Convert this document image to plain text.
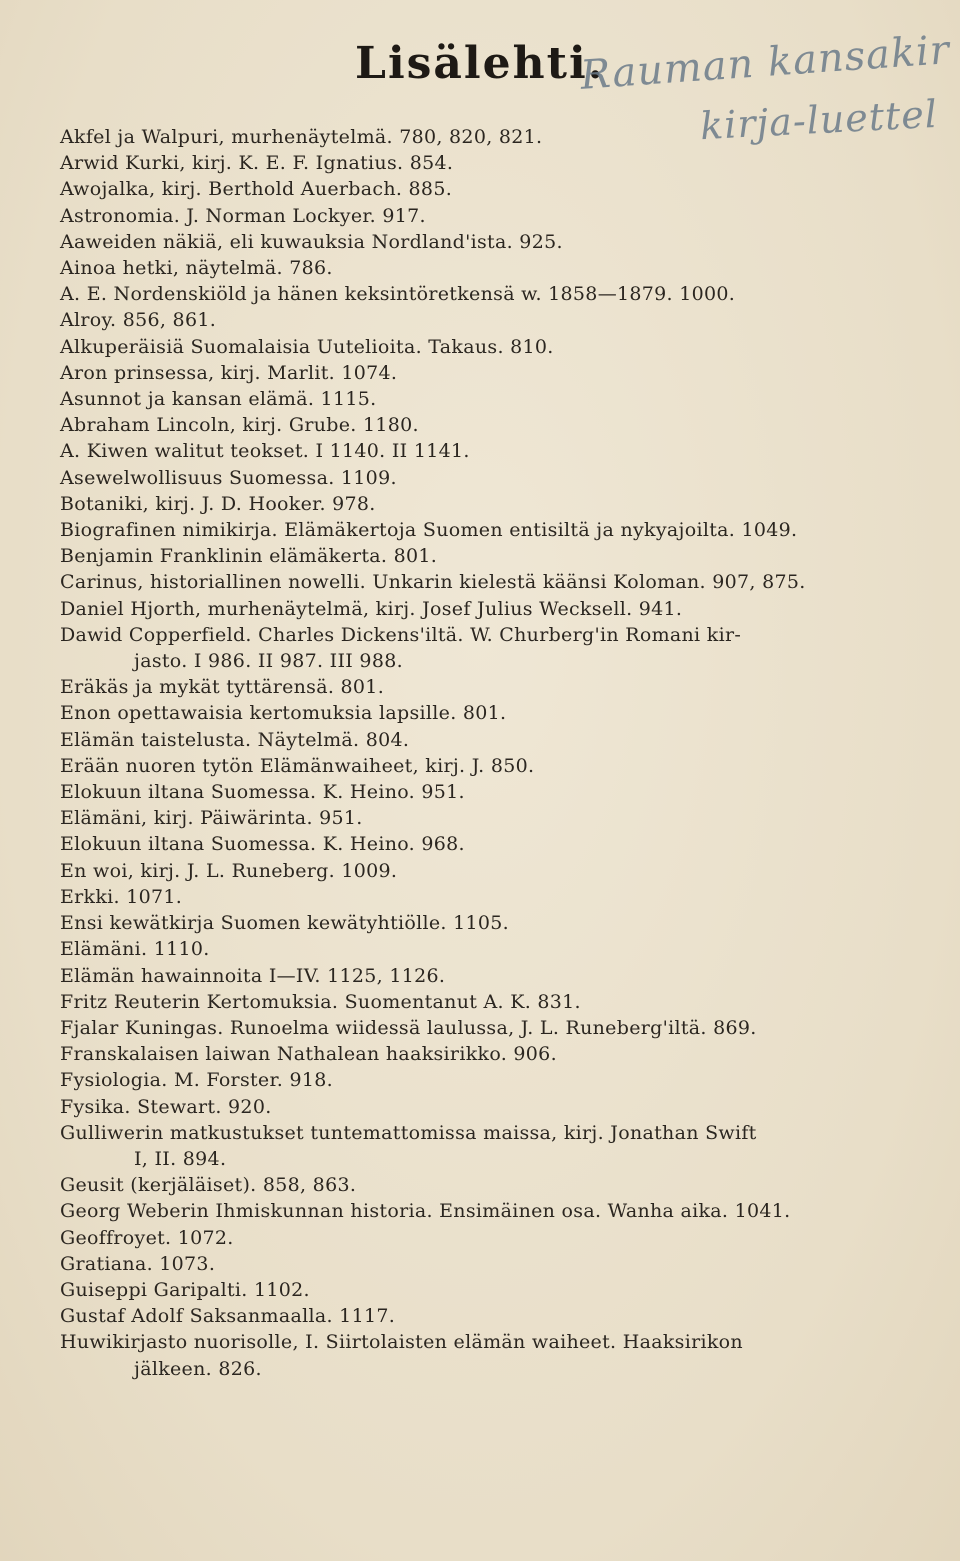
Lisälehti.
Rauman kansakir
kirja-luettel
Akfel ja Walpuri, murhenäytelmä. 780, 820, 821.
Arwid Kurki, kirj. K. E. F. Ignatius. 854.
Awojalka, kirj. Berthold Auerbach. 885.
Astronomia. J. Norman Lockyer. 917.
Aaweiden näkiä, eli kuwauksia Nordland'ista. 925.
Ainoa hetki, näytelmä. 786.
A. E. Nordenskiöld ja hänen keksintöretkensä w. 1858—1879. 1000.
Alroy. 856, 861.
Alkuperäisiä Suomalaisia Uutelioita. Takaus. 810.
Aron prinsessa, kirj. Marlit. 1074.
Asunnot ja kansan elämä. 1115.
Abraham Lincoln, kirj. Grube. 1180.
A. Kiwen walitut teokset. I 1140. II 1141.
Asewelwollisuus Suomessa. 1109.
Botaniki, kirj. J. D. Hooker. 978.
Biografinen nimikirja. Elämäkertoja Suomen entisiltä ja nykyajoilta. 1049.
Benjamin Franklinin elämäkerta. 801.
Carinus, historiallinen nowelli. Unkarin kielestä käänsi Koloman. 907, 875.
Daniel Hjorth, murhenäytelmä, kirj. Josef Julius Wecksell. 941.
Dawid Copperfield. Charles Dickens'iltä. W. Churberg'in Romani kir-
jasto. I 986. II 987. III 988.
Eräkäs ja mykät tyttärensä. 801.
Enon opettawaisia kertomuksia lapsille. 801.
Elämän taistelusta. Näytelmä. 804.
Erään nuoren tytön Elämänwaiheet, kirj. J. 850.
Elokuun iltana Suomessa. K. Heino. 951.
Elämäni, kirj. Päiwärinta. 951.
Elokuun iltana Suomessa. K. Heino. 968.
En woi, kirj. J. L. Runeberg. 1009.
Erkki. 1071.
Ensi kewätkirja Suomen kewätyhtiölle. 1105.
Elämäni. 1110.
Elämän hawainnoita I—IV. 1125, 1126.
Fritz Reuterin Kertomuksia. Suomentanut A. K. 831.
Fjalar Kuningas. Runoelma wiidessä laulussa, J. L. Runeberg'iltä. 869.
Franskalaisen laiwan Nathalean haaksirikko. 906.
Fysiologia. M. Forster. 918.
Fysika. Stewart. 920.
Gulliwerin matkustukset tuntemattomissa maissa, kirj. Jonathan Swift
I, II. 894.
Geusit (kerjäläiset). 858, 863.
Georg Weberin Ihmiskunnan historia. Ensimäinen osa. Wanha aika. 1041.
Geoffroyet. 1072.
Gratiana. 1073.
Guiseppi Garipalti. 1102.
Gustaf Adolf Saksanmaalla. 1117.
Huwikirjasto nuorisolle, I. Siirtolaisten elämän waiheet. Haaksirikon
jälkeen. 826.
